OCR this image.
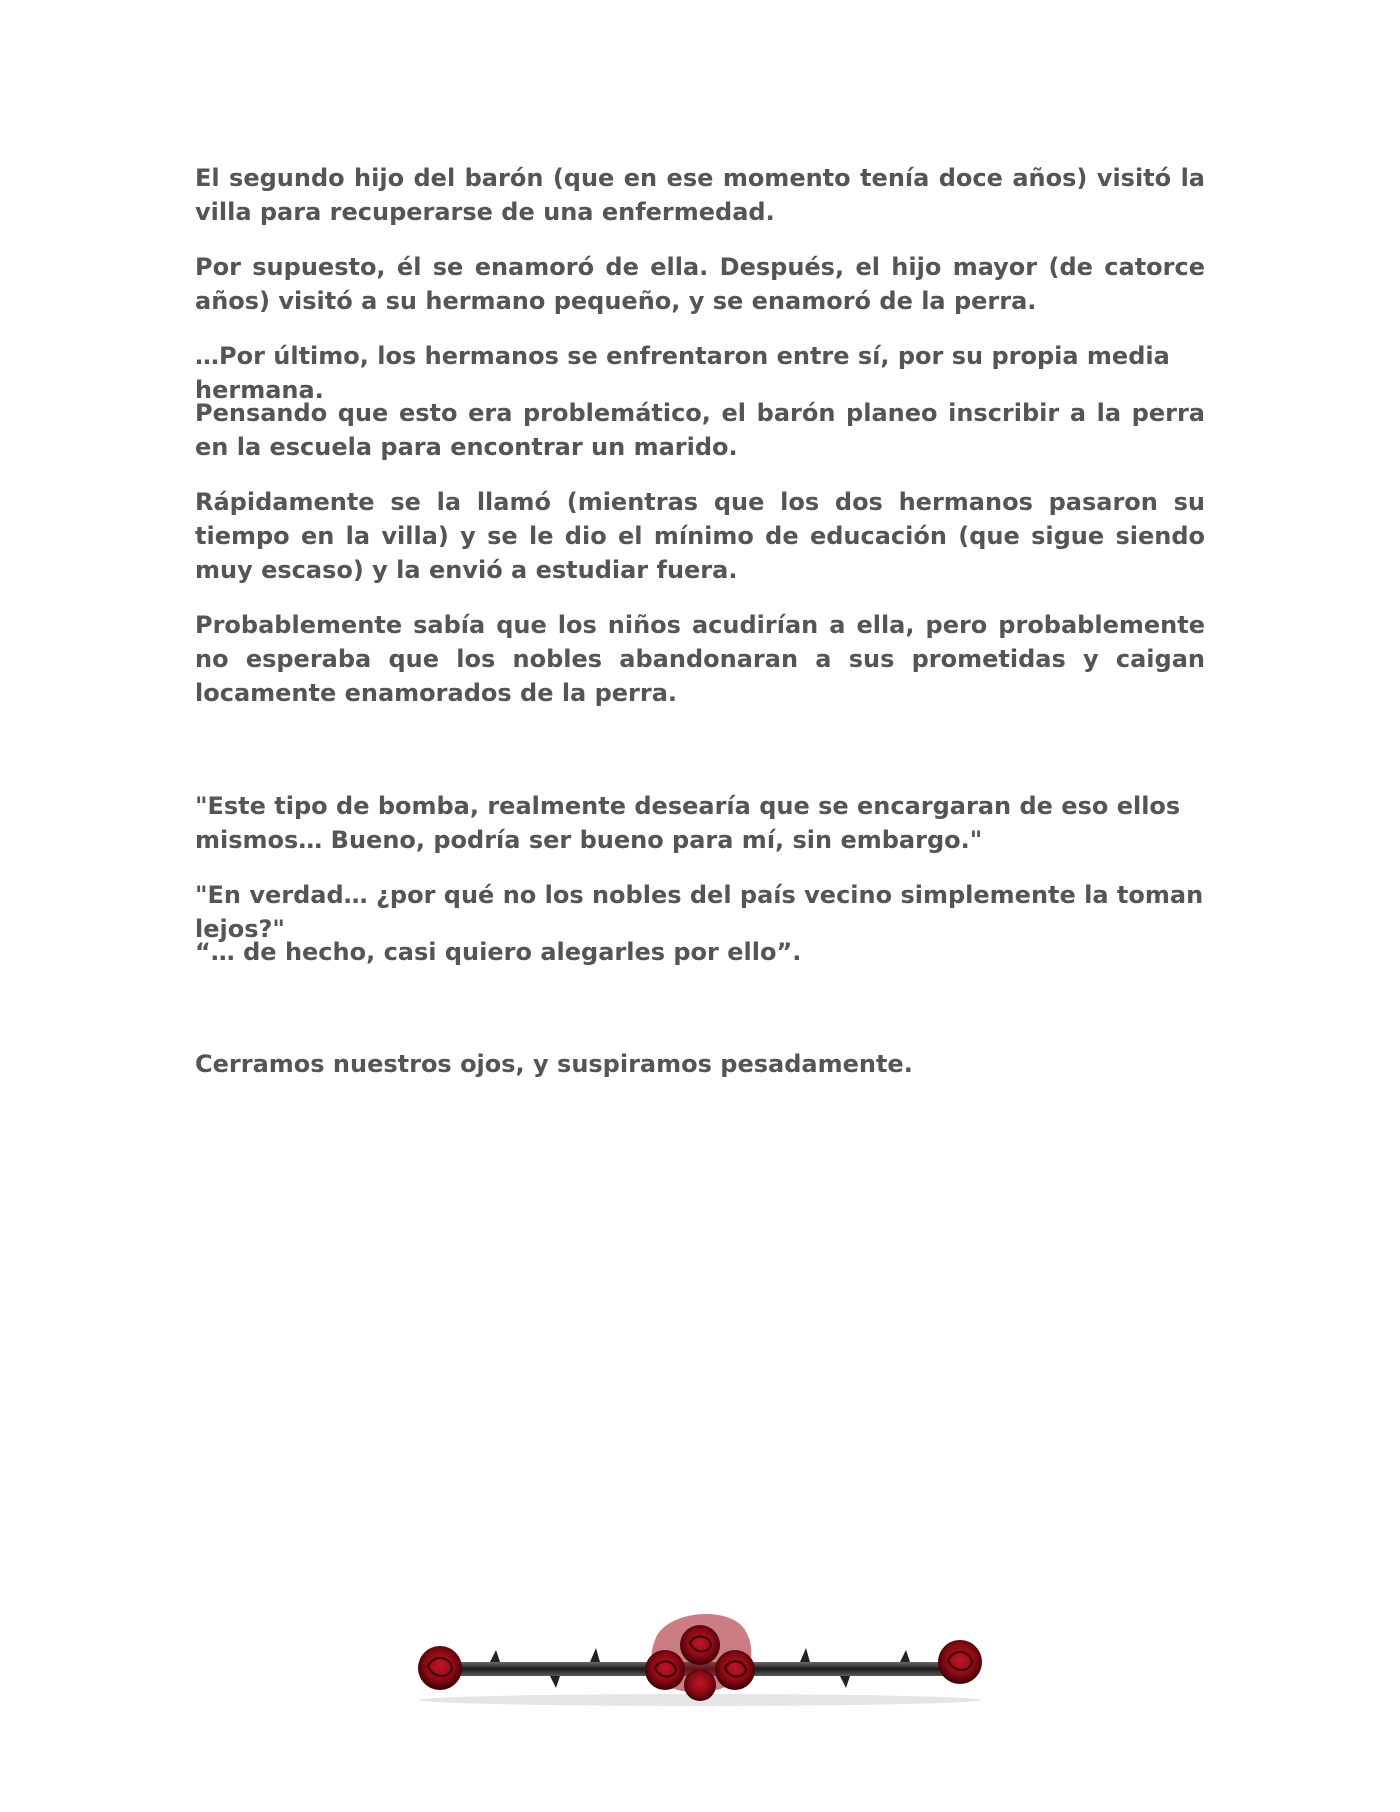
El segundo hijo del barón (que en ese momento tenía doce años) visitó la villa para recuperarse de una enfermedad.

Por supuesto, él se enamoró de ella. Después, el hijo mayor (de catorce años) visitó a su hermano pequeño, y se enamoró de la perra.

…Por último, los hermanos se enfrentaron entre sí, por su propia media hermana.

Pensando que esto era problemático, el barón planeo inscribir a la perra en la escuela para encontrar un marido.

Rápidamente se la llamó (mientras que los dos hermanos pasaron su tiempo en la villa) y se le dio el mínimo de educación (que sigue siendo muy escaso) y la envió a estudiar fuera.

Probablemente sabía que los niños acudirían a ella, pero probablemente no esperaba que los nobles abandonaran a sus prometidas y caigan locamente enamorados de la perra.

"Este tipo de bomba, realmente desearía que se encargaran de eso ellos mismos… Bueno, podría ser bueno para mí, sin embargo."

"En verdad… ¿por qué no los nobles del país vecino simplemente la toman lejos?"

“… de hecho, casi quiero alegarles por ello”.

Cerramos nuestros ojos, y suspiramos pesadamente.
